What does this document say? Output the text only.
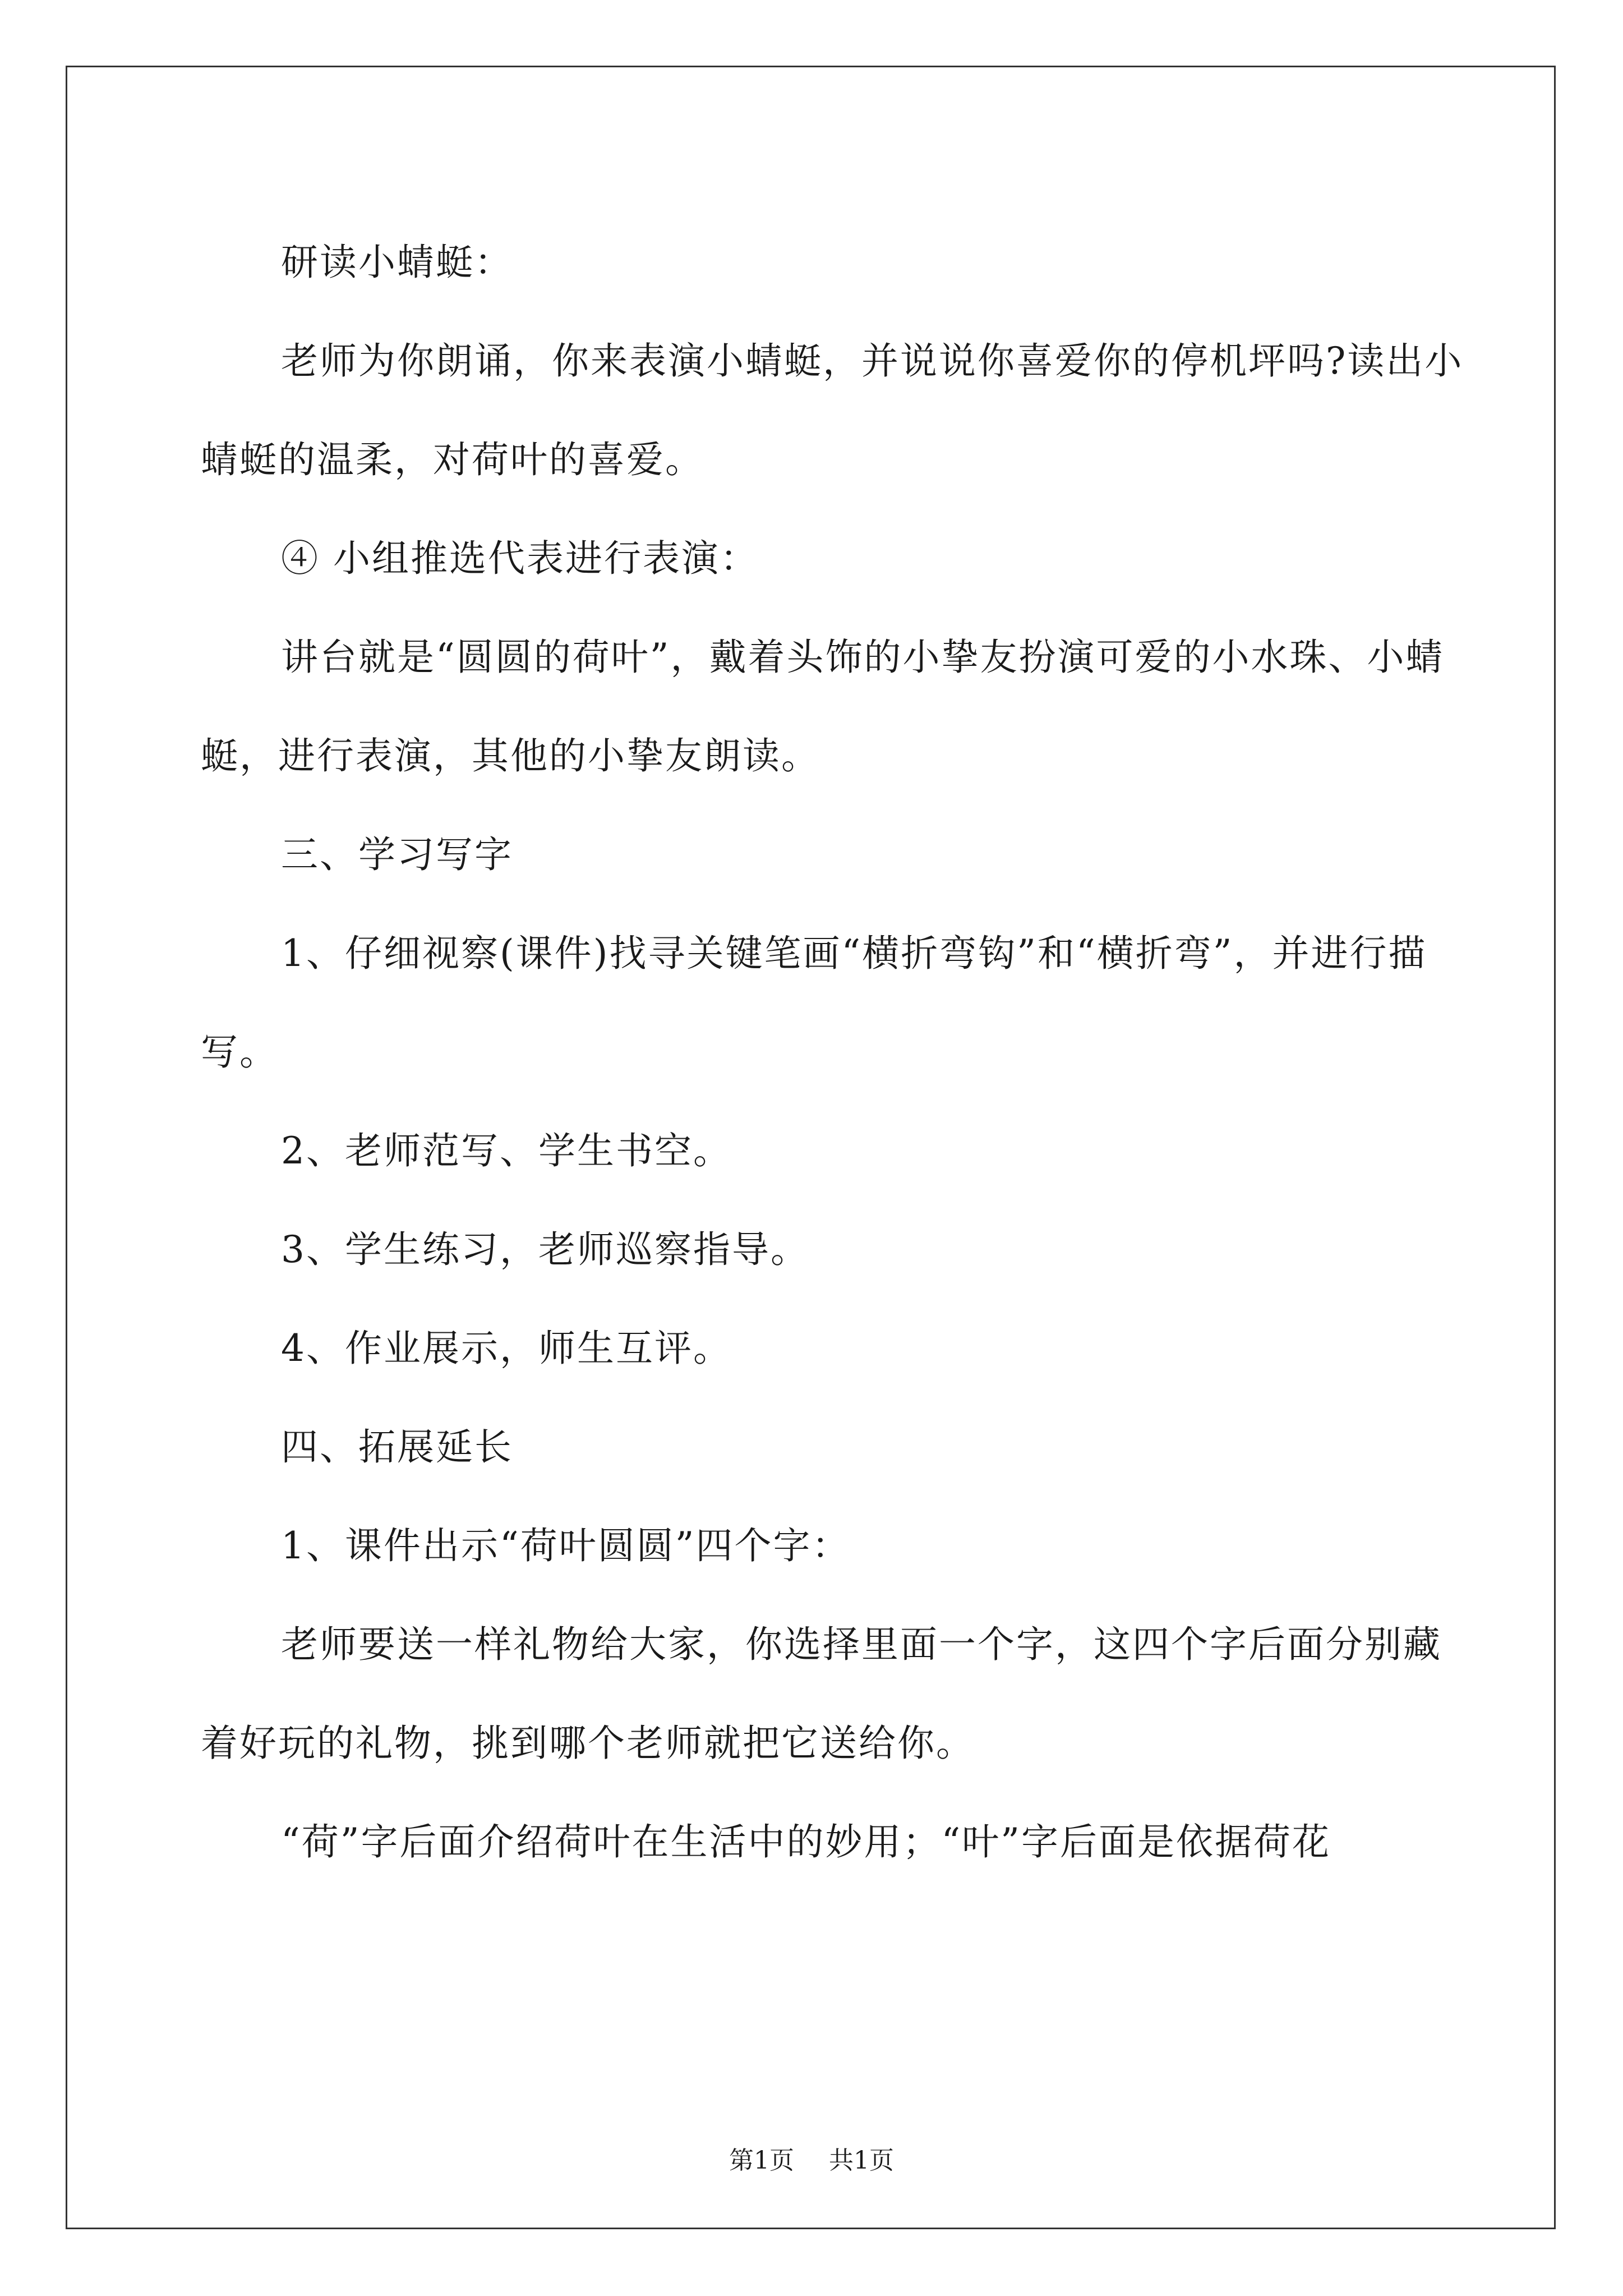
研读小蜻蜓：

老师为你朗诵，你来表演小蜻蜓，并说说你喜爱你的停机坪吗?读出小蜻蜓的温柔，对荷叶的喜爱。

④ 小组推选代表进行表演：

讲台就是“圆圆的荷叶”，戴着头饰的小挚友扮演可爱的小水珠、小蜻蜓，进行表演，其他的小挚友朗读。

三、学习写字

1、仔细视察(课件)找寻关键笔画“横折弯钩”和“横折弯”，并进行描写。

2、老师范写、学生书空。

3、学生练习，老师巡察指导。

4、作业展示，师生互评。

四、拓展延长

1、课件出示“荷叶圆圆”四个字：

老师要送一样礼物给大家，你选择里面一个字，这四个字后面分别藏着好玩的礼物，挑到哪个老师就把它送给你。

“荷”字后面介绍荷叶在生活中的妙用；“叶”字后面是依据荷花

第1页 共1页
